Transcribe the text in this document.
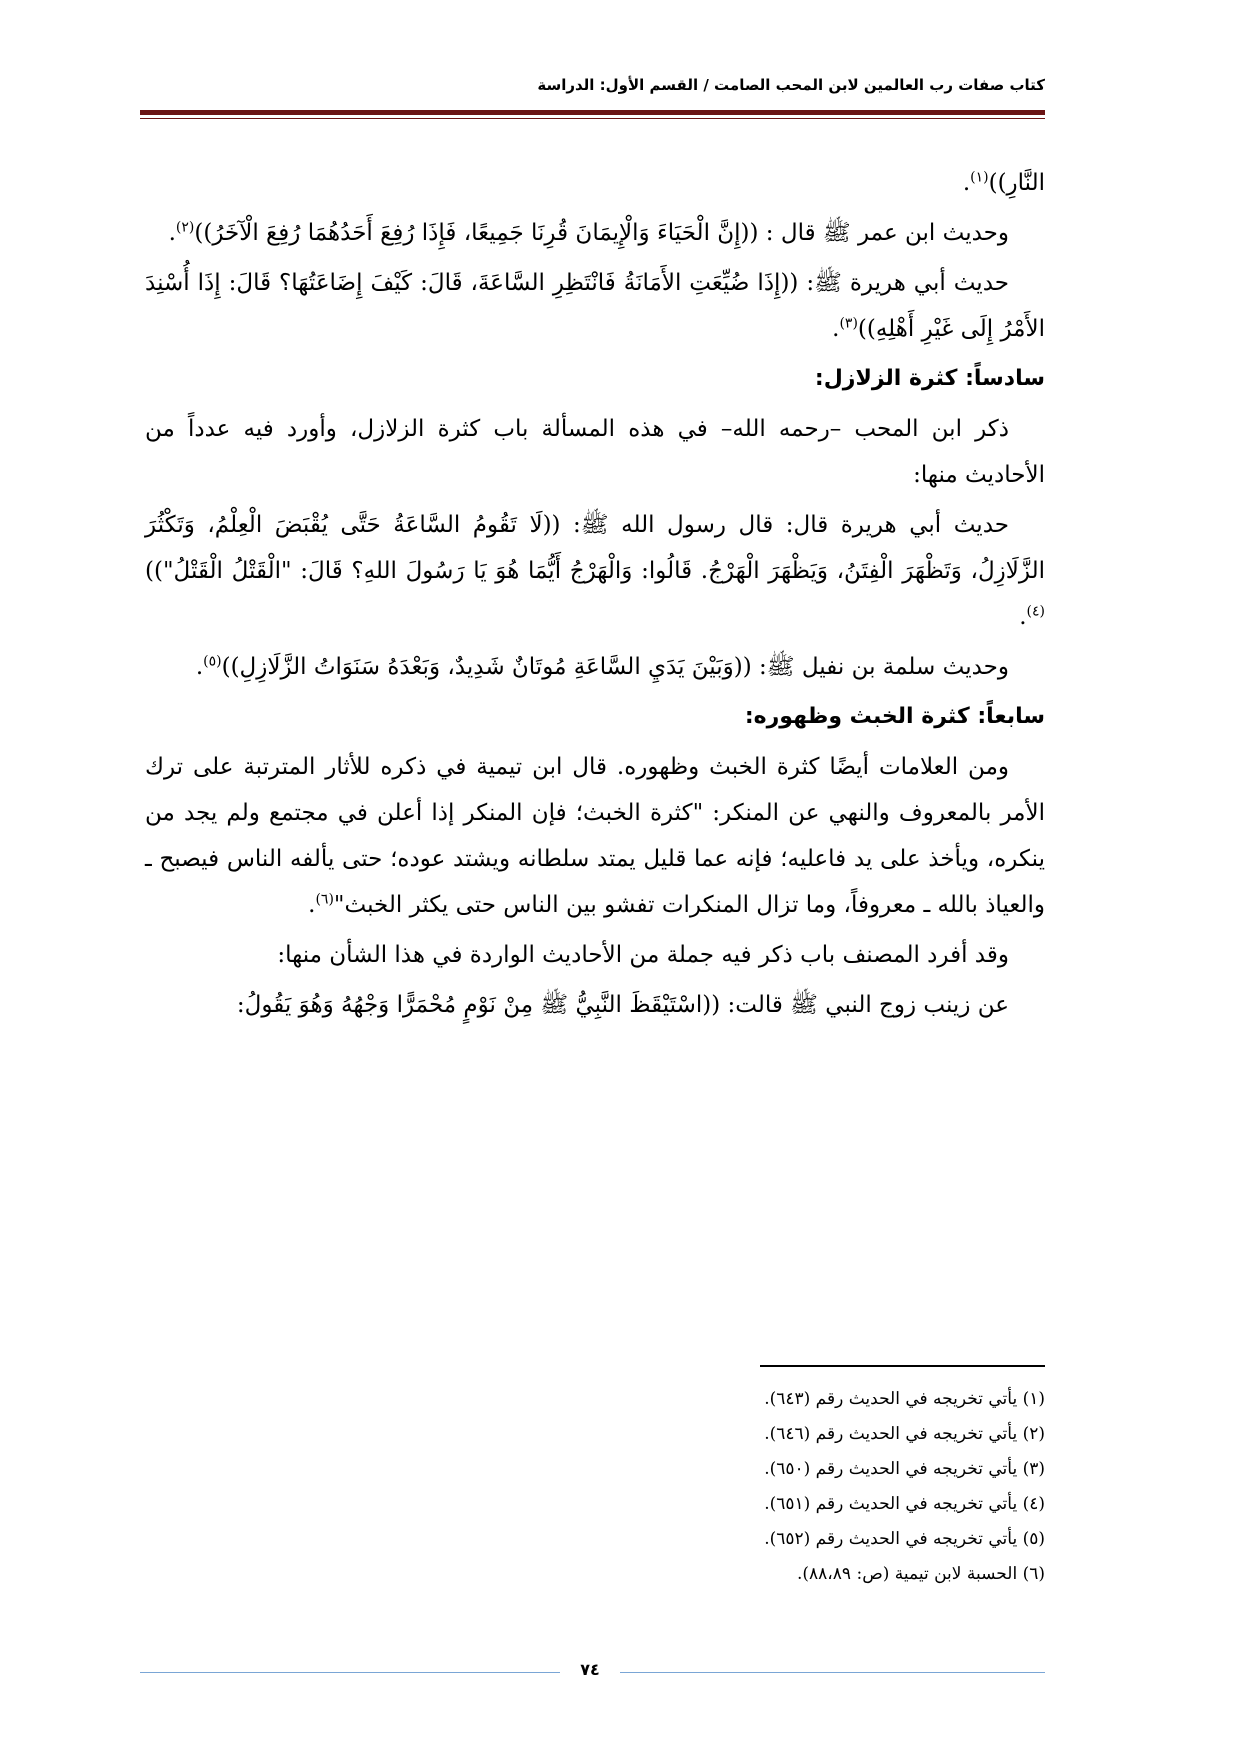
كتاب صفات رب العالمين لابن المحب الصامت / القسم الأول: الدراسة

النَّارِ))$^{(١)}$.

وحديث ابن عمر ﷺ قال : ((إِنَّ الْحَيَاءَ وَالْإِيمَانَ قُرِنَا جَمِيعًا، فَإِذَا رُفِعَ أَحَدُهُمَا رُفِعَ الْآخَرُ))$^{(٢)}$.

حديث أبي هريرة ﷺ: ((إِذَا ضُيِّعَتِ الأَمَانَةُ فَانْتَظِرِ السَّاعَةَ، قَالَ: كَيْفَ إِضَاعَتُهَا؟ قَالَ: إِذَا أُسْنِدَ الأَمْرُ إِلَى غَيْرِ أَهْلِهِ))$^{(٣)}$.

سادساً: كثرة الزلازل:

ذكر ابن المحب –رحمه الله– في هذه المسألة باب كثرة الزلازل، وأورد فيه عدداً من الأحاديث منها:

حديث أبي هريرة قال: قال رسول الله ﷺ: ((لَا تَقُومُ السَّاعَةُ حَتَّى يُقْبَضَ الْعِلْمُ، وَتَكْثُرَ الزَّلَازِلُ، وَتَظْهَرَ الْفِتَنُ، وَيَظْهَرَ الْهَرْجُ. قَالُوا: وَالْهَرْجُ أَيُّمَا هُوَ يَا رَسُولَ اللهِ؟ قَالَ: "الْقَتْلُ الْقَتْلُ"))$^{(٤)}$.

وحديث سلمة بن نفيل ﷺ: ((وَبَيْنَ يَدَيِ السَّاعَةِ مُوتَانٌ شَدِيدٌ، وَبَعْدَهُ سَنَوَاتُ الزَّلَازِلِ))$^{(٥)}$.

سابعاً: كثرة الخبث وظهوره:

ومن العلامات أيضًا كثرة الخبث وظهوره. قال ابن تيمية في ذكره للأثار المترتبة على ترك الأمر بالمعروف والنهي عن المنكر: "كثرة الخبث؛ فإن المنكر إذا أعلن في مجتمع ولم يجد من ينكره، ويأخذ على يد فاعليه؛ فإنه عما قليل يمتد سلطانه ويشتد عوده؛ حتى يألفه الناس فيصبح ـ والعياذ بالله ـ معروفاً، وما تزال المنكرات تفشو بين الناس حتى يكثر الخبث"$^{(٦)}$.

وقد أفرد المصنف باب ذكر فيه جملة من الأحاديث الواردة في هذا الشأن منها:

عن زينب زوج النبي ﷺ قالت: ((اسْتَيْقَظَ النَّبِيُّ ﷺ مِنْ نَوْمٍ مُحْمَرًّا وَجْهُهُ وَهُوَ يَقُولُ:

(١) يأتي تخريجه في الحديث رقم (٦٤٣).
(٢) يأتي تخريجه في الحديث رقم (٦٤٦).
(٣) يأتي تخريجه في الحديث رقم (٦٥٠).
(٤) يأتي تخريجه في الحديث رقم (٦٥١).
(٥) يأتي تخريجه في الحديث رقم (٦٥٢).
(٦) الحسبة لابن تيمية (ص: ٨٨،٨٩).
٧٤
